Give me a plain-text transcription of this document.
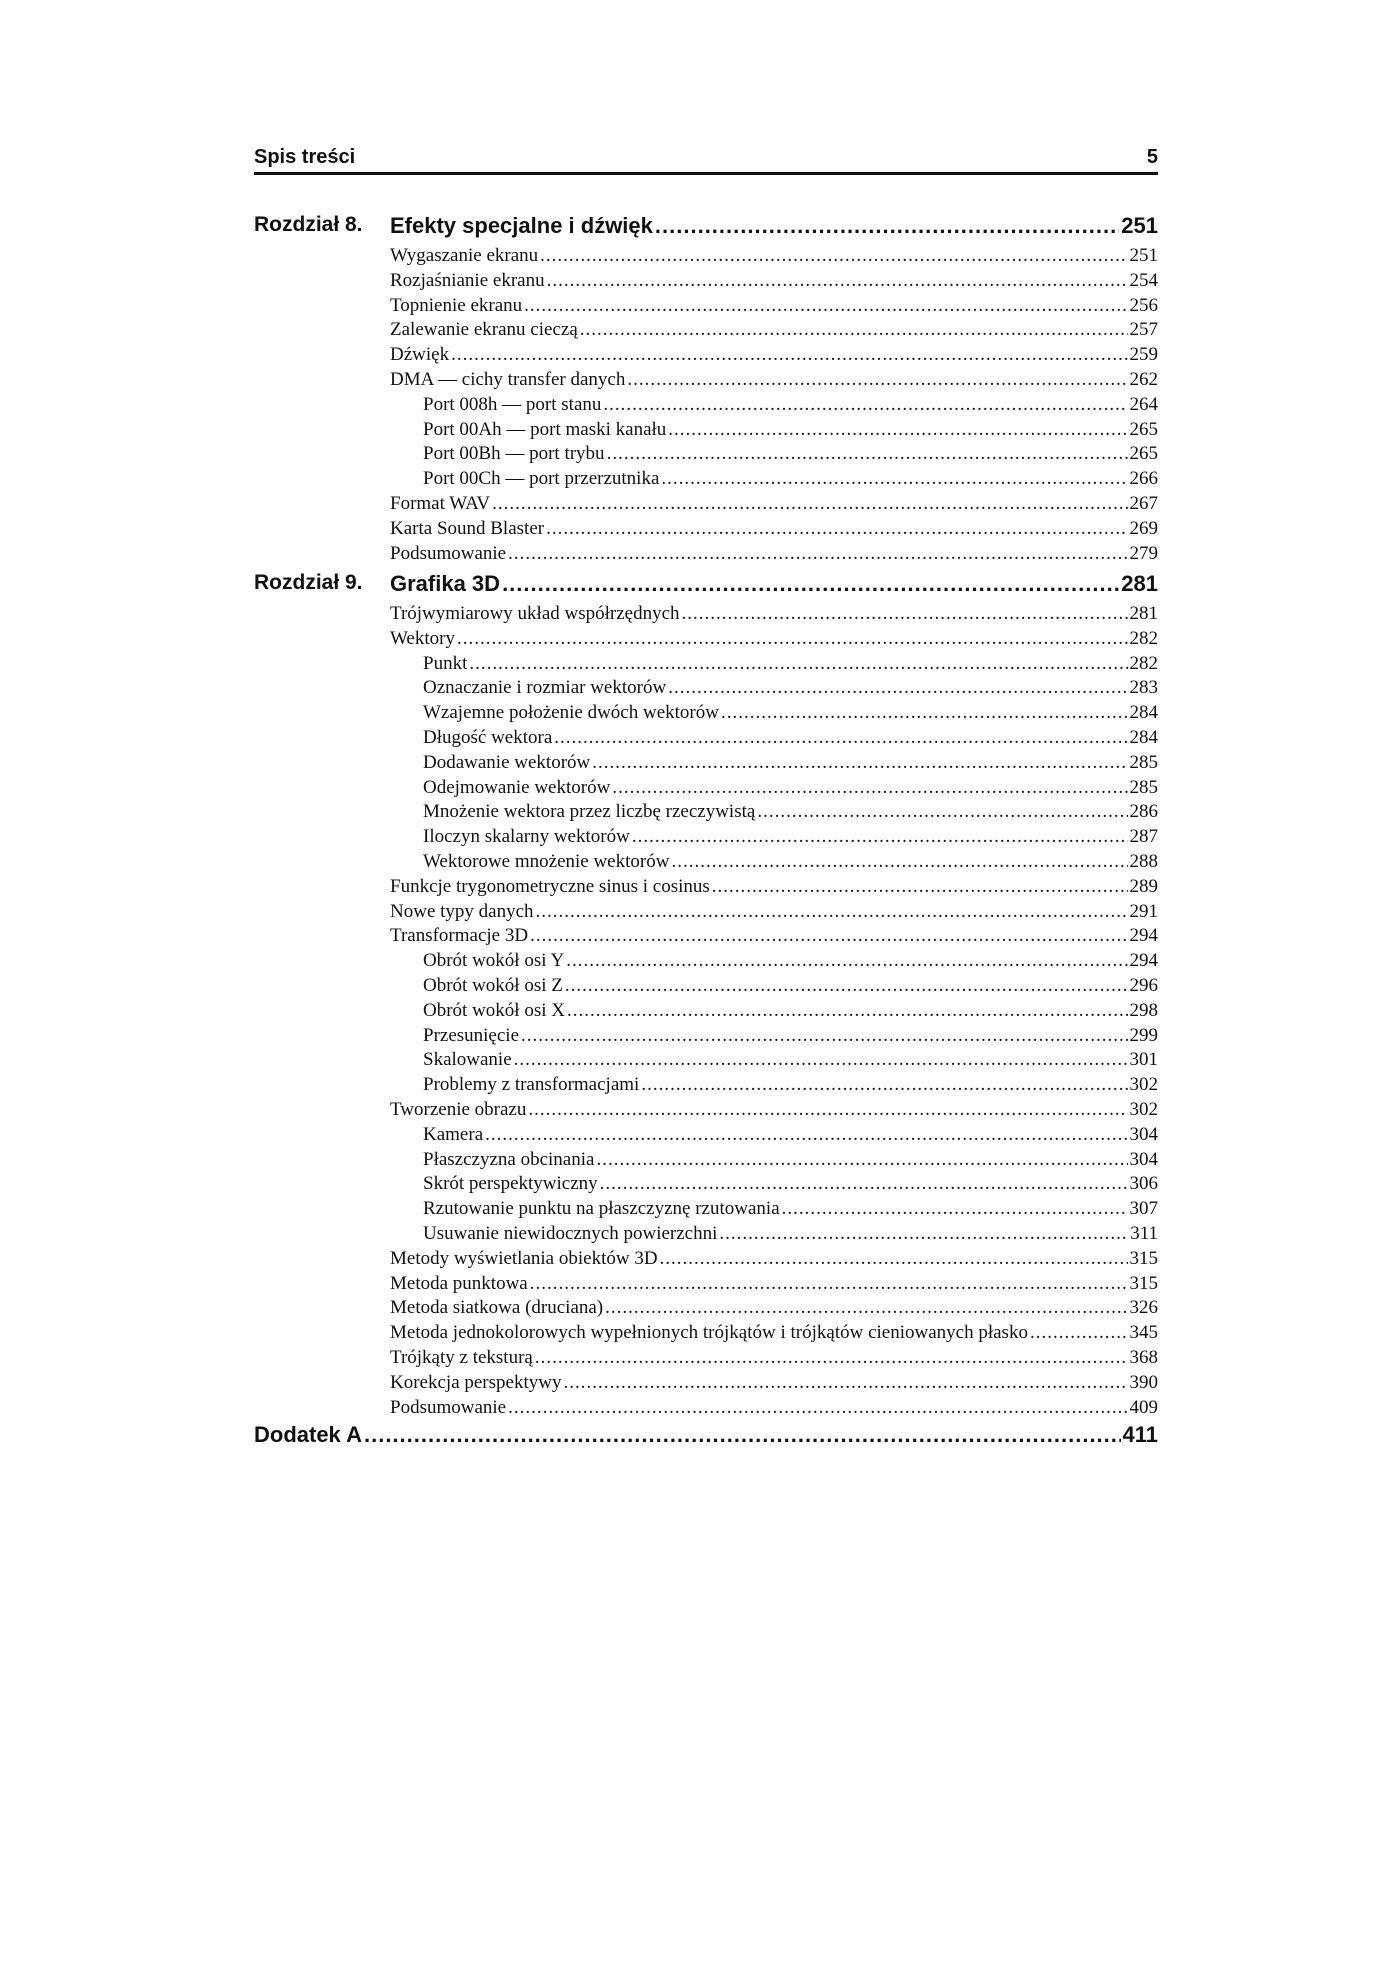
Spis treści	5
Rozdział 8.	Efekty specjalne i dźwięk .....	251
Wygaszanie ekranu .....	251
Rozjaśnianie ekranu .....	254
Topnienie ekranu .....	256
Zalewanie ekranu cieczą .....	257
Dźwięk .....	259
DMA — cichy transfer danych .....	262
Port 008h — port stanu .....	264
Port 00Ah — port maski kanału .....	265
Port 00Bh — port trybu .....	265
Port 00Ch — port przerzutnika .....	266
Format WAV .....	267
Karta Sound Blaster .....	269
Podsumowanie .....	279
Rozdział 9.	Grafika 3D .....	281
Trójwymiarowy układ współrzędnych .....	281
Wektory .....	282
Punkt .....	282
Oznaczanie i rozmiar wektorów .....	283
Wzajemne położenie dwóch wektorów .....	284
Długość wektora .....	284
Dodawanie wektorów .....	285
Odejmowanie wektorów .....	285
Mnożenie wektora przez liczbę rzeczywistą .....	286
Iloczyn skalarny wektorów .....	287
Wektorowe mnożenie wektorów .....	288
Funkcje trygonometryczne sinus i cosinus .....	289
Nowe typy danych .....	291
Transformacje 3D .....	294
Obrót wokół osi Y .....	294
Obrót wokół osi Z .....	296
Obrót wokół osi X .....	298
Przesunięcie .....	299
Skalowanie .....	301
Problemy z transformacjami .....	302
Tworzenie obrazu .....	302
Kamera .....	304
Płaszczyzna obcinania .....	304
Skrót perspektywiczny .....	306
Rzutowanie punktu na płaszczyznę rzutowania .....	307
Usuwanie niewidocznych powierzchni .....	311
Metody wyświetlania obiektów 3D .....	315
Metoda punktowa .....	315
Metoda siatkowa (druciana) .....	326
Metoda jednokolorowych wypełnionych trójkątów i trójkątów cieniowanych płasko .....	345
Trójkąty z teksturą .....	368
Korekcja perspektywy .....	390
Podsumowanie .....	409
Dodatek A .....	411
